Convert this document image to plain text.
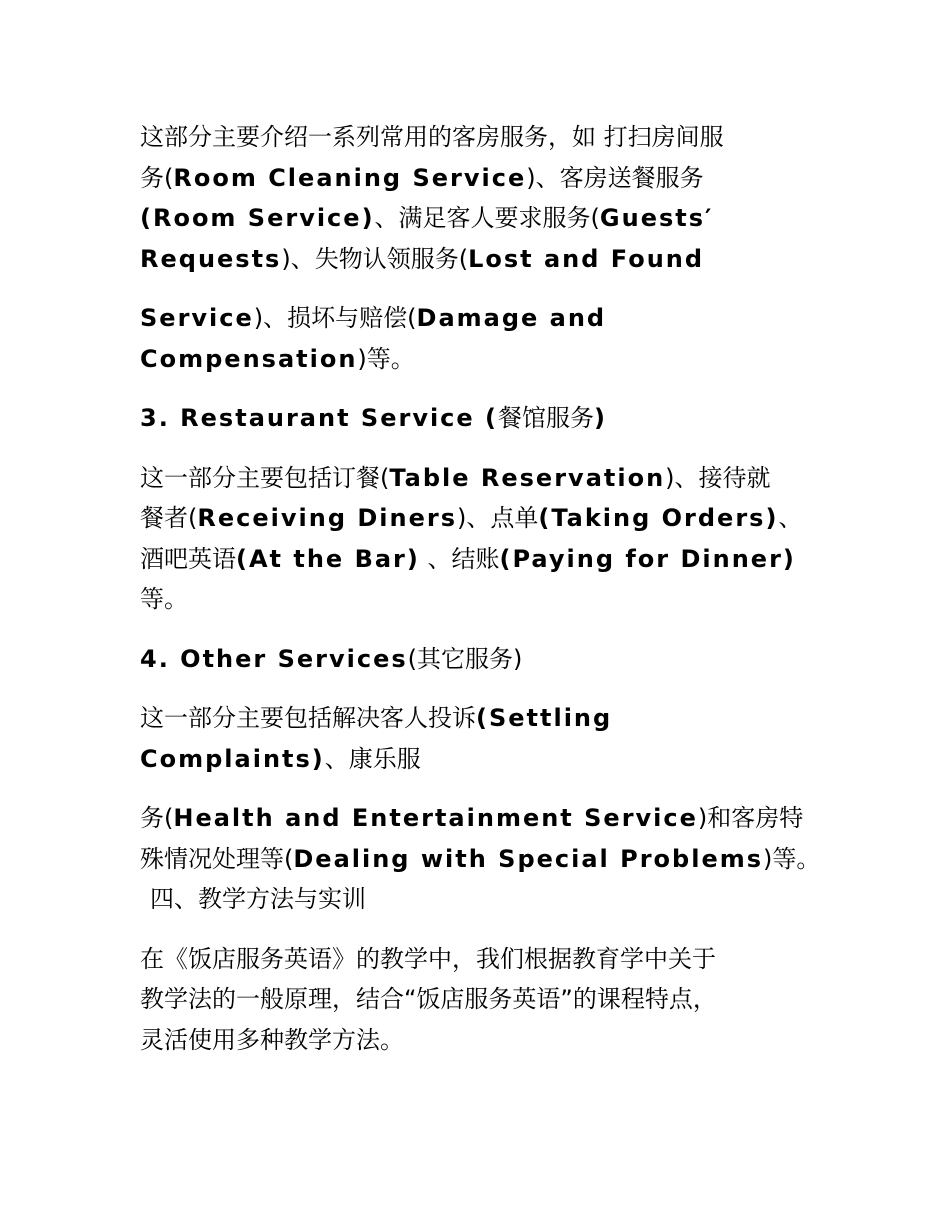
这部分主要介绍一系列常用的客房服务，如 打扫房间服
务(Room Cleaning Service)、客房送餐服务
(Room Service)、满足客人要求服务(Guests′
Requests)、失物认领服务(Lost and Found
Service)、损坏与赔偿(Damage and
Compensation)等。
3. Restaurant Service (餐馆服务)
这一部分主要包括订餐(Table Reservation)、接待就
餐者(Receiving Diners)、点单(Taking Orders)、
酒吧英语(At the Bar) 、结账(Paying for Dinner)
等。
4. Other Services(其它服务)
这一部分主要包括解决客人投诉(Settling
Complaints)、康乐服
务(Health and Entertainment Service)和客房特
殊情况处理等(Dealing with Special Problems)等。
四、教学方法与实训
在《饭店服务英语》的教学中，我们根据教育学中关于
教学法的一般原理，结合“饭店服务英语”的课程特点，
灵活使用多种教学方法。
